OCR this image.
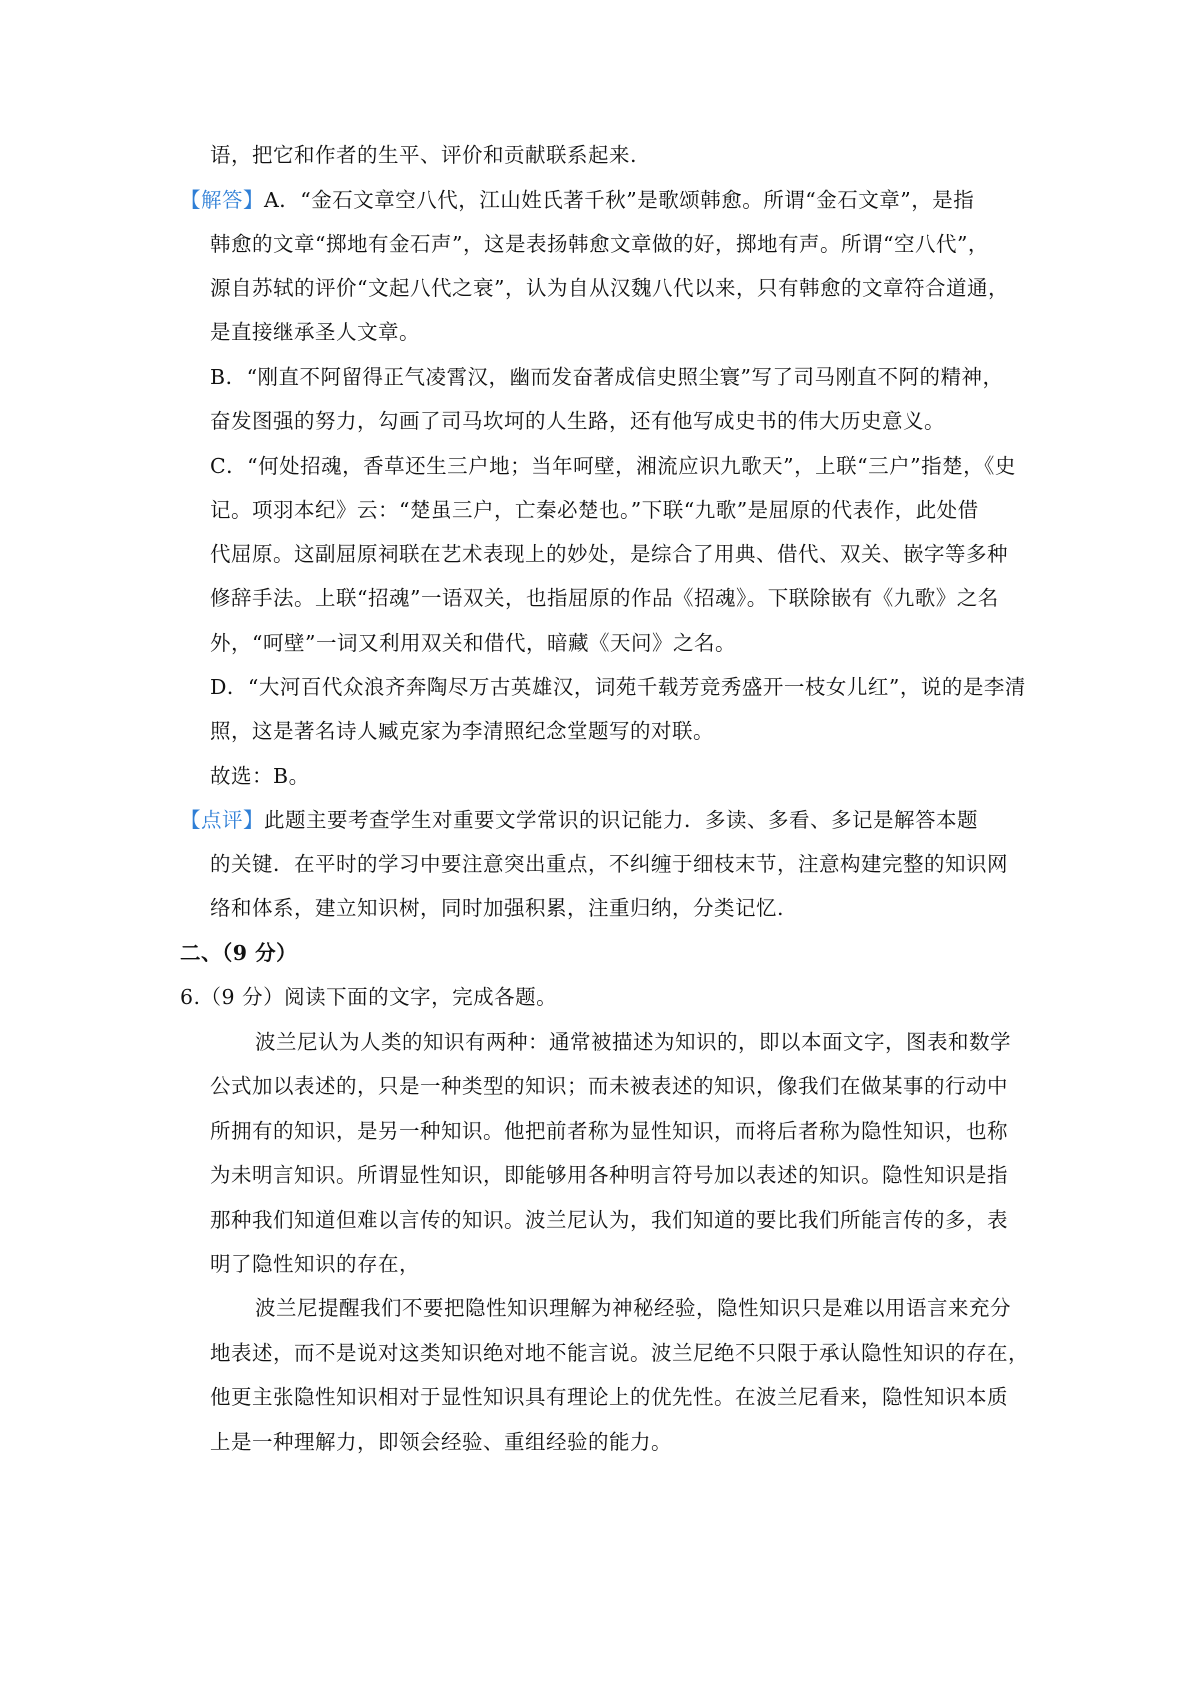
语，把它和作者的生平、评价和贡献联系起来.
【解答】A．“金石文章空八代，江山姓氏著千秋”是歌颂韩愈。所谓“金石文章”，是指
韩愈的文章“掷地有金石声”，这是表扬韩愈文章做的好，掷地有声。所谓“空八代”，
源自苏轼的评价“文起八代之衰”，认为自从汉魏八代以来，只有韩愈的文章符合道通，
是直接继承圣人文章。
B．“刚直不阿留得正气凌霄汉，幽而发奋著成信史照尘寰”写了司马刚直不阿的精神，
奋发图强的努力，勾画了司马坎坷的人生路，还有他写成史书的伟大历史意义。
C．“何处招魂，香草还生三户地；当年呵壁，湘流应识九歌天”，上联“三户”指楚，《史
记。项羽本纪》云：“楚虽三户，亡秦必楚也。”下联“九歌”是屈原的代表作，此处借
代屈原。这副屈原祠联在艺术表现上的妙处，是综合了用典、借代、双关、嵌字等多种
修辞手法。上联“招魂”一语双关，也指屈原的作品《招魂》。下联除嵌有《九歌》之名
外，“呵壁”一词又利用双关和借代，暗藏《天问》之名。
D．“大河百代众浪齐奔陶尽万古英雄汉，词苑千载芳竞秀盛开一枝女儿红”，说的是李清
照，这是著名诗人臧克家为李清照纪念堂题写的对联。
故选：B。
【点评】此题主要考查学生对重要文学常识的识记能力．多读、多看、多记是解答本题
的关键．在平时的学习中要注意突出重点，不纠缠于细枝末节，注意构建完整的知识网
络和体系，建立知识树，同时加强积累，注重归纳，分类记忆.
二、（9 分）
6.（9 分）阅读下面的文字，完成各题。
波兰尼认为人类的知识有两种：通常被描述为知识的，即以本面文字，图表和数学
公式加以表述的，只是一种类型的知识；而未被表述的知识，像我们在做某事的行动中
所拥有的知识，是另一种知识。他把前者称为显性知识，而将后者称为隐性知识，也称
为未明言知识。所谓显性知识，即能够用各种明言符号加以表述的知识。隐性知识是指
那种我们知道但难以言传的知识。波兰尼认为，我们知道的要比我们所能言传的多，表
明了隐性知识的存在，
波兰尼提醒我们不要把隐性知识理解为神秘经验，隐性知识只是难以用语言来充分
地表述，而不是说对这类知识绝对地不能言说。波兰尼绝不只限于承认隐性知识的存在，
他更主张隐性知识相对于显性知识具有理论上的优先性。在波兰尼看来，隐性知识本质
上是一种理解力，即领会经验、重组经验的能力。
